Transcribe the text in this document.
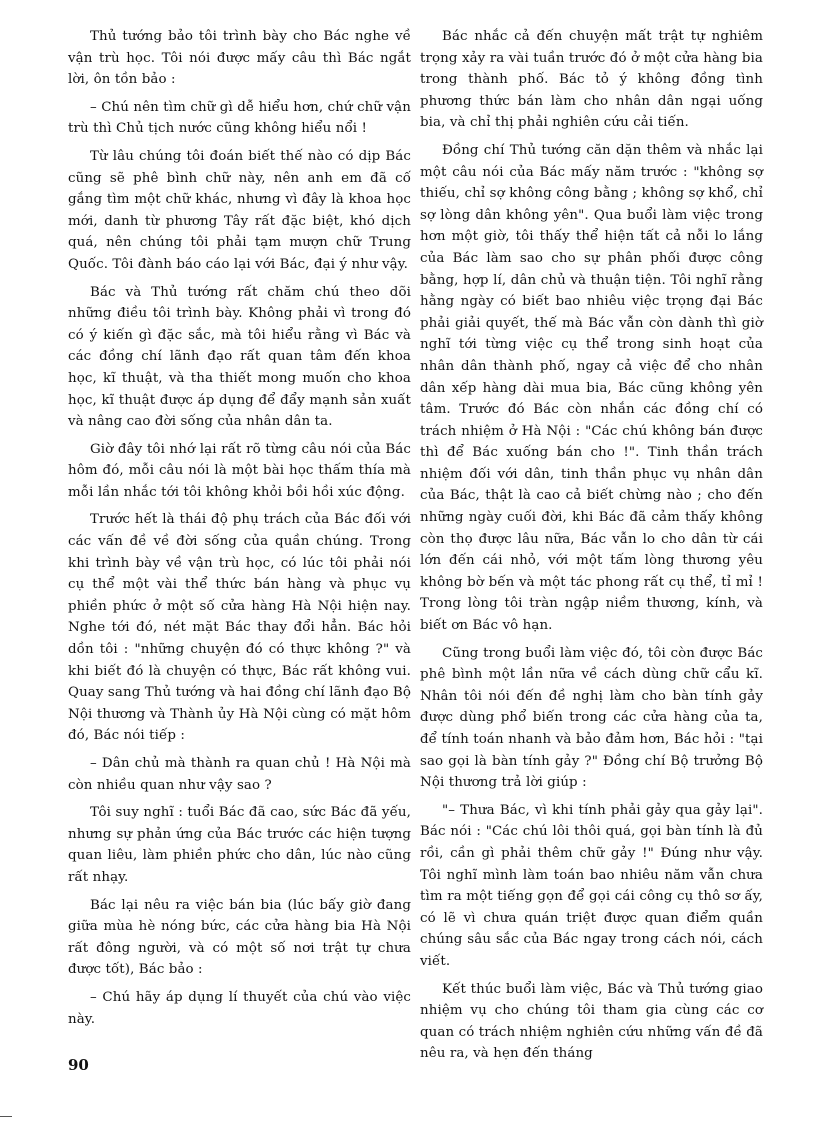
Thủ tướng bảo tôi trình bày cho Bác nghe về vận trù học. Tôi nói được mấy câu thì Bác ngắt lời, ôn tồn bảo :

– Chú nên tìm chữ gì dễ hiểu hơn, chứ chữ vận trù thì Chủ tịch nước cũng không hiểu nổi !

Từ lâu chúng tôi đoán biết thế nào có dịp Bác cũng sẽ phê bình chữ này, nên anh em đã cố gắng tìm một chữ khác, nhưng vì đây là khoa học mới, danh từ phương Tây rất đặc biệt, khó dịch quá, nên chúng tôi phải tạm mượn chữ Trung Quốc. Tôi đành báo cáo lại với Bác, đại ý như vậy.

Bác và Thủ tướng rất chăm chú theo dõi những điều tôi trình bày. Không phải vì trong đó có ý kiến gì đặc sắc, mà tôi hiểu rằng vì Bác và các đồng chí lãnh đạo rất quan tâm đến khoa học, kĩ thuật, và tha thiết mong muốn cho khoa học, kĩ thuật được áp dụng để đẩy mạnh sản xuất và nâng cao đời sống của nhân dân ta.

Giờ đây tôi nhớ lại rất rõ từng câu nói của Bác hôm đó, mỗi câu nói là một bài học thấm thía mà mỗi lần nhắc tới tôi không khỏi bồi hồi xúc động.

Trước hết là thái độ phụ trách của Bác đối với các vấn đề về đời sống của quần chúng. Trong khi trình bày về vận trù học, có lúc tôi phải nói cụ thể một vài thể thức bán hàng và phục vụ phiền phức ở một số cửa hàng Hà Nội hiện nay. Nghe tới đó, nét mặt Bác thay đổi hẳn. Bác hỏi dồn tôi : "những chuyện đó có thực không ?" và khi biết đó là chuyện có thực, Bác rất không vui. Quay sang Thủ tướng và hai đồng chí lãnh đạo Bộ Nội thương và Thành ủy Hà Nội cùng có mặt hôm đó, Bác nói tiếp :

– Dân chủ mà thành ra quan chủ ! Hà Nội mà còn nhiều quan như vậy sao ?

Tôi suy nghĩ : tuổi Bác đã cao, sức Bác đã yếu, nhưng sự phản ứng của Bác trước các hiện tượng quan liêu, làm phiền phức cho dân, lúc nào cũng rất nhạy.

Bác lại nêu ra việc bán bia (lúc bấy giờ đang giữa mùa hè nóng bức, các cửa hàng bia Hà Nội rất đông người, và có một số nơi trật tự chưa được tốt), Bác bảo :

– Chú hãy áp dụng lí thuyết của chú vào việc này.

Bác nhắc cả đến chuyện mất trật tự nghiêm trọng xảy ra vài tuần trước đó ở một cửa hàng bia trong thành phố. Bác tỏ ý không đồng tình phương thức bán làm cho nhân dân ngại uống bia, và chỉ thị phải nghiên cứu cải tiến.

Đồng chí Thủ tướng căn dặn thêm và nhắc lại một câu nói của Bác mấy năm trước : "không sợ thiếu, chỉ sợ không công bằng ; không sợ khổ, chỉ sợ lòng dân không yên". Qua buổi làm việc trong hơn một giờ, tôi thấy thể hiện tất cả nỗi lo lắng của Bác làm sao cho sự phân phối được công bằng, hợp lí, dân chủ và thuận tiện. Tôi nghĩ rằng hằng ngày có biết bao nhiêu việc trọng đại Bác phải giải quyết, thế mà Bác vẫn còn dành thì giờ nghĩ tới từng việc cụ thể trong sinh hoạt của nhân dân thành phố, ngay cả việc để cho nhân dân xếp hàng dài mua bia, Bác cũng không yên tâm. Trước đó Bác còn nhắn các đồng chí có trách nhiệm ở Hà Nội : "Các chú không bán được thì để Bác xuống bán cho !". Tinh thần trách nhiệm đối với dân, tinh thần phục vụ nhân dân của Bác, thật là cao cả biết chừng nào ; cho đến những ngày cuối đời, khi Bác đã cảm thấy không còn thọ được lâu nữa, Bác vẫn lo cho dân từ cái lớn đến cái nhỏ, với một tấm lòng thương yêu không bờ bến và một tác phong rất cụ thể, tỉ mỉ ! Trong lòng tôi tràn ngập niềm thương, kính, và biết ơn Bác vô hạn.

Cũng trong buổi làm việc đó, tôi còn được Bác phê bình một lần nữa về cách dùng chữ cẩu kĩ. Nhân tôi nói đến đề nghị làm cho bàn tính gảy được dùng phổ biến trong các cửa hàng của ta, để tính toán nhanh và bảo đảm hơn, Bác hỏi : "tại sao gọi là bàn tính gảy ?" Đồng chí Bộ trưởng Bộ Nội thương trả lời giúp :

"– Thưa Bác, vì khi tính phải gảy qua gảy lại". Bác nói : "Các chú lôi thôi quá, gọi bàn tính là đủ rồi, cần gì phải thêm chữ gảy !" Đúng như vậy. Tôi nghĩ mình làm toán bao nhiêu năm vẫn chưa tìm ra một tiếng gọn để gọi cái công cụ thô sơ ấy, có lẽ vì chưa quán triệt được quan điểm quần chúng sâu sắc của Bác ngay trong cách nói, cách viết.

Kết thúc buổi làm việc, Bác và Thủ tướng giao nhiệm vụ cho chúng tôi tham gia cùng các cơ quan có trách nhiệm nghiên cứu những vấn đề đã nêu ra, và hẹn đến tháng

90
